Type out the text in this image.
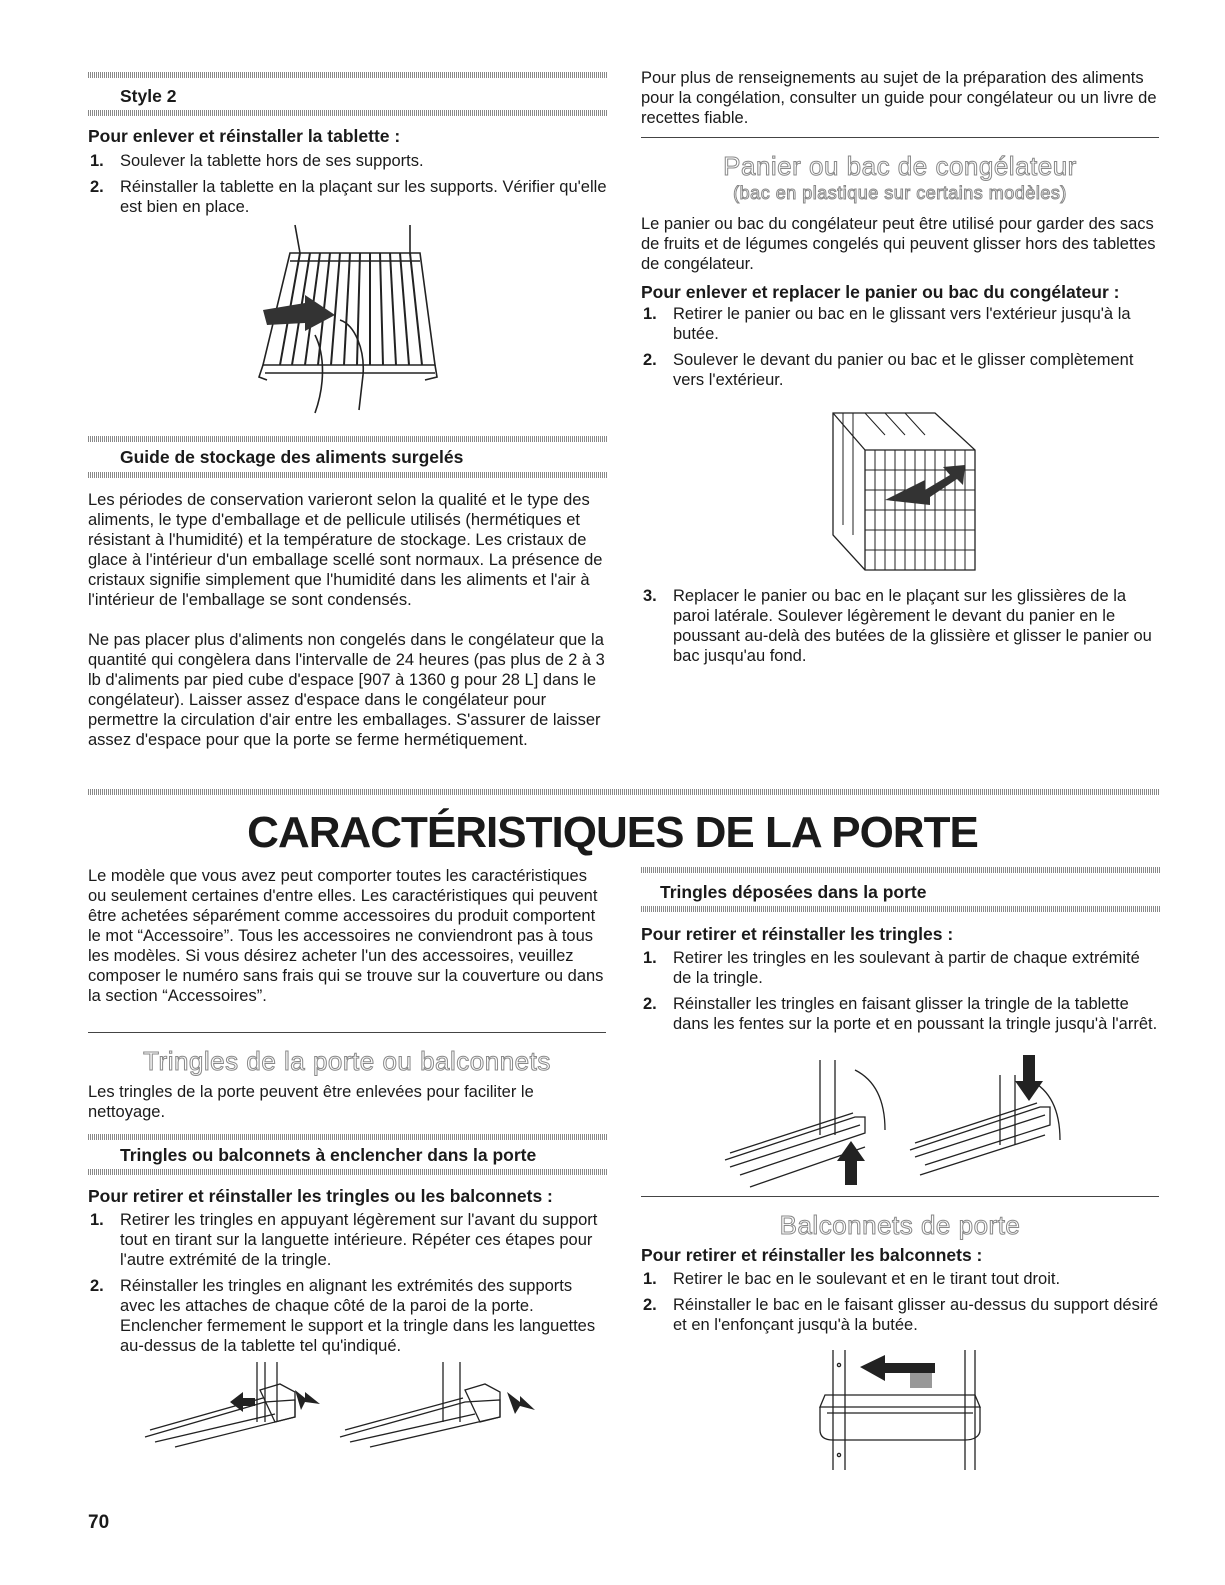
Style 2
Pour enlever et réinstaller la tablette :
1. Soulever la tablette hors de ses supports.
2. Réinstaller la tablette en la plaçant sur les supports. Vérifier qu'elle est bien en place.
Guide de stockage des aliments surgelés

Les périodes de conservation varieront selon la qualité et le type des aliments, le type d'emballage et de pellicule utilisés (hermétiques et résistant à l'humidité) et la température de stockage. Les cristaux de glace à l'intérieur d'un emballage scellé sont normaux. La présence de cristaux signifie simplement que l'humidité dans les aliments et l'air à l'intérieur de l'emballage se sont condensés.

Ne pas placer plus d'aliments non congelés dans le congélateur que la quantité qui congèlera dans l'intervalle de 24 heures (pas plus de 2 à 3 lb d'aliments par pied cube d'espace [907 à 1360 g pour 28 L] dans le congélateur). Laisser assez d'espace dans le congélateur pour permettre la circulation d'air entre les emballages. S'assurer de laisser assez d'espace pour que la porte se ferme hermétiquement.

Pour plus de renseignements au sujet de la préparation des aliments pour la congélation, consulter un guide pour congélateur ou un livre de recettes fiable.

Panier ou bac de congélateur
(bac en plastique sur certains modèles)

Le panier ou bac du congélateur peut être utilisé pour garder des sacs de fruits et de légumes congelés qui peuvent glisser hors des tablettes de congélateur.

Pour enlever et replacer le panier ou bac du congélateur :
1. Retirer le panier ou bac en le glissant vers l'extérieur jusqu'à la butée.
2. Soulever le devant du panier ou bac et le glisser complètement vers l'extérieur.
3. Replacer le panier ou bac en le plaçant sur les glissières de la paroi latérale. Soulever légèrement le devant du panier en le poussant au-delà des butées de la glissière et glisser le panier ou bac jusqu'au fond.
CARACTÉRISTIQUES DE LA PORTE

Le modèle que vous avez peut comporter toutes les caractéristiques ou seulement certaines d'entre elles. Les caractéristiques qui peuvent être achetées séparément comme accessoires du produit comportent le mot “Accessoire”. Tous les accessoires ne conviendront pas à tous les modèles. Si vous désirez acheter l'un des accessoires, veuillez composer le numéro sans frais qui se trouve sur la couverture ou dans la section “Accessoires”.

Tringles de la porte ou balconnets

Les tringles de la porte peuvent être enlevées pour faciliter le nettoyage.

Tringles ou balconnets à enclencher dans la porte
Pour retirer et réinstaller les tringles ou les balconnets :
1. Retirer les tringles en appuyant légèrement sur l'avant du support tout en tirant sur la languette intérieure. Répéter ces étapes pour l'autre extrémité de la tringle.
2. Réinstaller les tringles en alignant les extrémités des supports avec les attaches de chaque côté de la paroi de la porte. Enclencher fermement le support et la tringle dans les languettes au-dessus de la tablette tel qu'indiqué.
Tringles déposées dans la porte
Pour retirer et réinstaller les tringles :
1. Retirer les tringles en les soulevant à partir de chaque extrémité de la tringle.
2. Réinstaller les tringles en faisant glisser la tringle de la tablette dans les fentes sur la porte et en poussant la tringle jusqu'à l'arrêt.
Balconnets de porte
Pour retirer et réinstaller les balconnets :
1. Retirer le bac en le soulevant et en le tirant tout droit.
2. Réinstaller le bac en le faisant glisser au-dessus du support désiré et en l'enfonçant jusqu'à la butée.
70
